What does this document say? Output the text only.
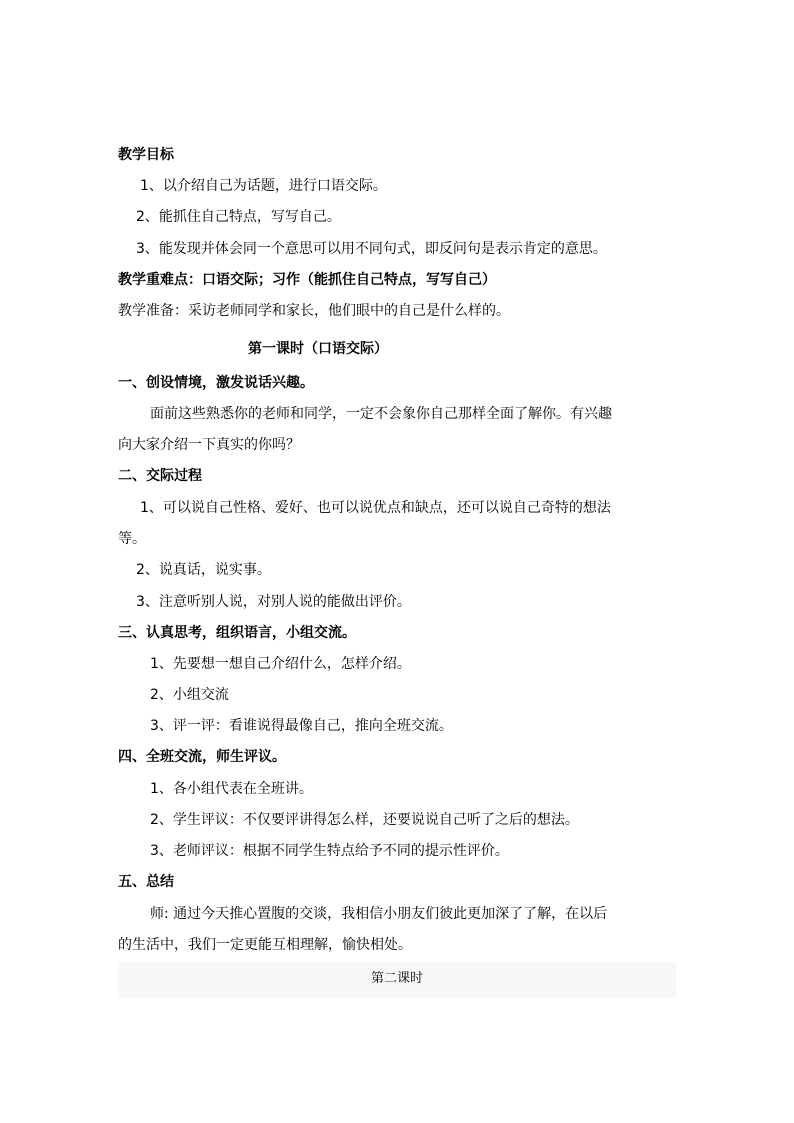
教学目标
1、以介绍自己为话题，进行口语交际。
2、能抓住自己特点，写写自己。
3、能发现并体会同一个意思可以用不同句式，即反问句是表示肯定的意思。
教学重难点：口语交际；习作（能抓住自己特点，写写自己）
教学准备：采访老师同学和家长，他们眼中的自己是什么样的。
第一课时（口语交际）
一、创设情境，激发说话兴趣。
面前这些熟悉你的老师和同学，一定不会象你自己那样全面了解你。有兴趣
向大家介绍一下真实的你吗？
二、交际过程
1、可以说自己性格、爱好、也可以说优点和缺点，还可以说自己奇特的想法
等。
2、说真话，说实事。
3、注意听别人说，对别人说的能做出评价。
三、认真思考，组织语言，小组交流。
1、先要想一想自己介绍什么，怎样介绍。
2、小组交流
3、评一评：看谁说得最像自己，推向全班交流。
四、全班交流，师生评议。
1、各小组代表在全班讲。
2、学生评议：不仅要评讲得怎么样，还要说说自己听了之后的想法。
3、老师评议：根据不同学生特点给予不同的提示性评价。
五、总结
师: 通过今天推心置腹的交谈，我相信小朋友们彼此更加深了了解，在以后
的生活中，我们一定更能互相理解，愉快相处。
第二课时
